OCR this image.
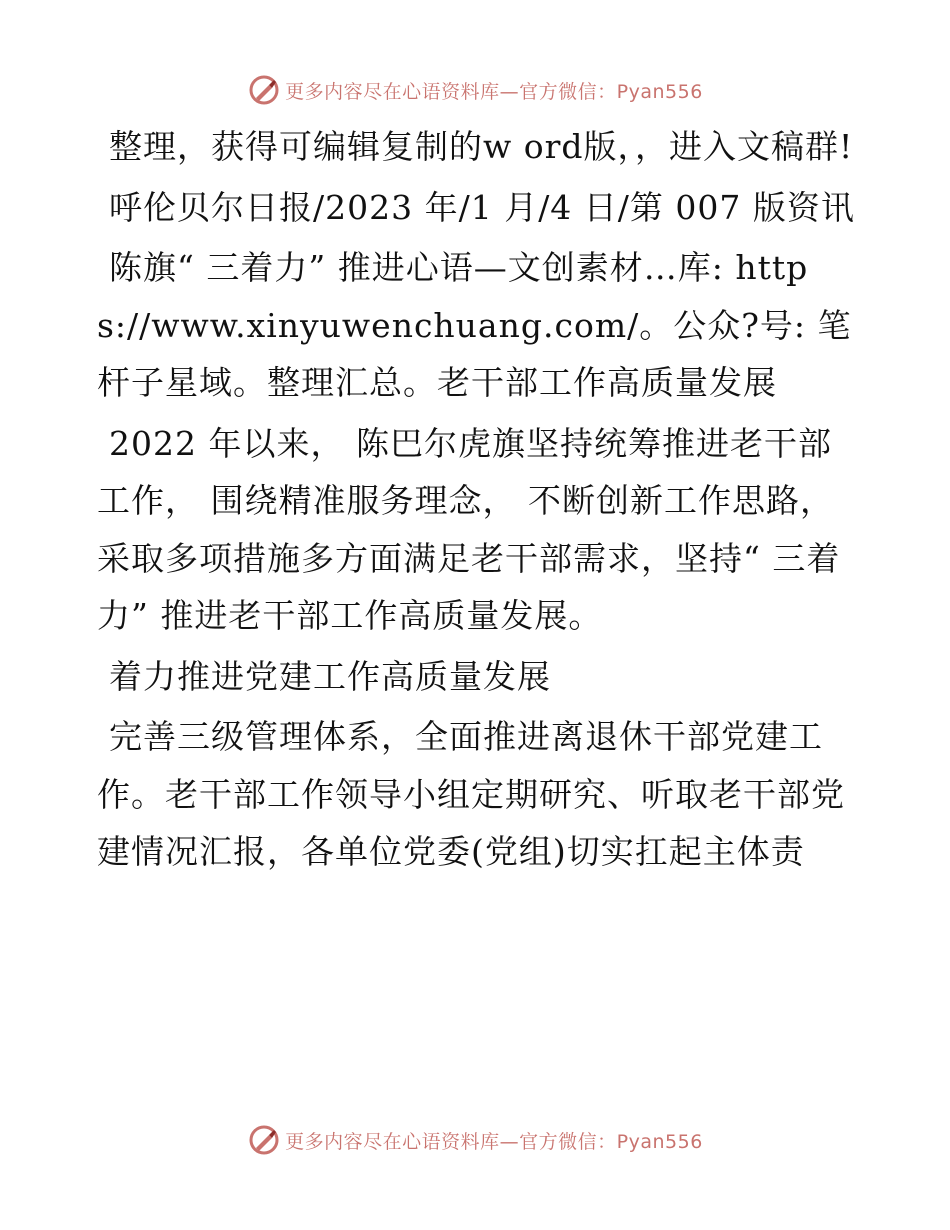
更多内容尽在心语资料库—官方微信：Pyan556

整理，获得可编辑复制的w ord版，，进入文稿群!

呼伦贝尔日报/2023 年/1 月/4 日/第 007 版资讯

陈旗“ 三着力” 推进心语—文创素材…库: https://www.xinyuwenchuang.com/。公众?号: 笔杆子星域。整理汇总。老干部工作高质量发展

2022 年以来， 陈巴尔虎旗坚持统筹推进老干部工作， 围绕精准服务理念， 不断创新工作思路，采取多项措施多方面满足老干部需求，坚持“ 三着力” 推进老干部工作高质量发展。

着力推进党建工作高质量发展

完善三级管理体系，全面推进离退休干部党建工作。老干部工作领导小组定期研究、听取老干部党建情况汇报，各单位党委(党组)切实扛起主体责

更多内容尽在心语资料库—官方微信：Pyan556
